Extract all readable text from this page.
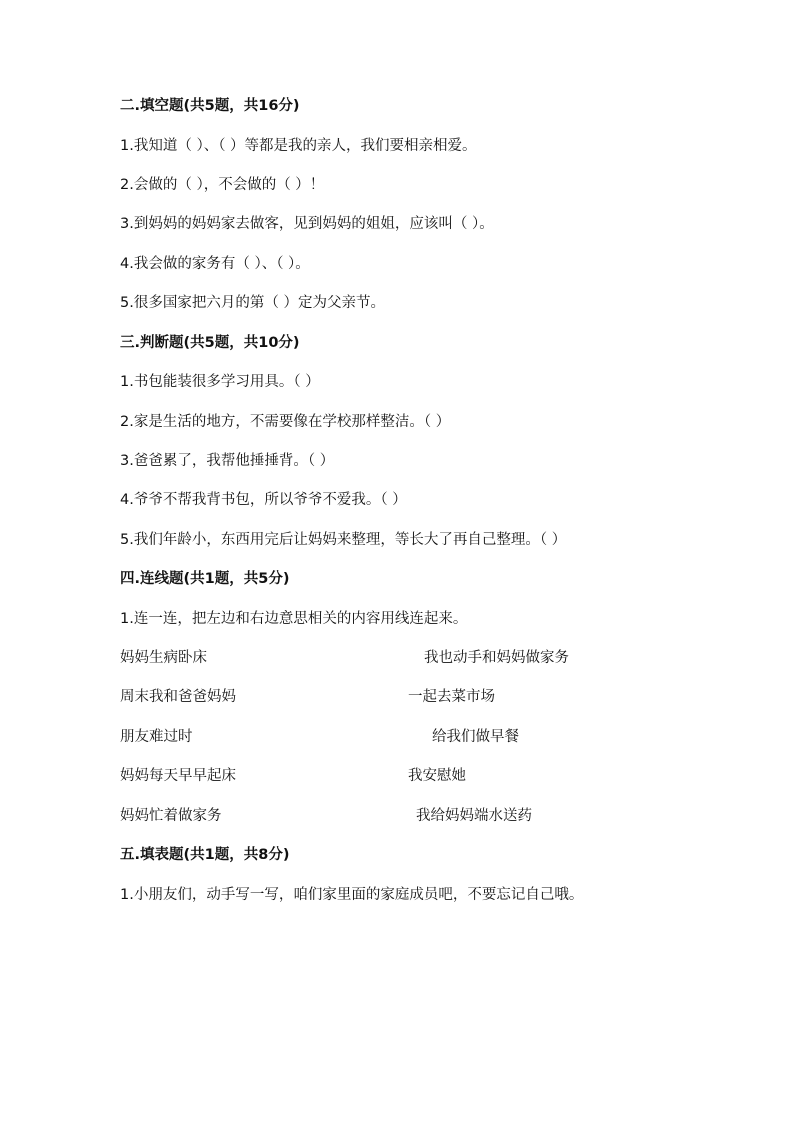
二.填空题(共5题，共16分)
1.我知道（ ）、（ ）等都是我的亲人，我们要相亲相爱。
2.会做的（ ），不会做的（ ）！
3.到妈妈的妈妈家去做客，见到妈妈的姐姐，应该叫（ ）。
4.我会做的家务有（ ）、（ ）。
5.很多国家把六月的第（ ）定为父亲节。
三.判断题(共5题，共10分)
1.书包能装很多学习用具。（ ）
2.家是生活的地方，不需要像在学校那样整洁。（ ）
3.爸爸累了，我帮他捶捶背。（ ）
4.爷爷不帮我背书包，所以爷爷不爱我。（ ）
5.我们年龄小，东西用完后让妈妈来整理，等长大了再自己整理。（ ）
四.连线题(共1题，共5分)
1.连一连，把左边和右边意思相关的内容用线连起来。
妈妈生病卧床
周末我和爸爸妈妈
朋友难过时
妈妈每天早早起床
妈妈忙着做家务
我也动手和妈妈做家务
一起去菜市场
给我们做早餐
我安慰她
我给妈妈端水送药
五.填表题(共1题，共8分)
1.小朋友们，动手写一写，咱们家里面的家庭成员吧，不要忘记自己哦。
